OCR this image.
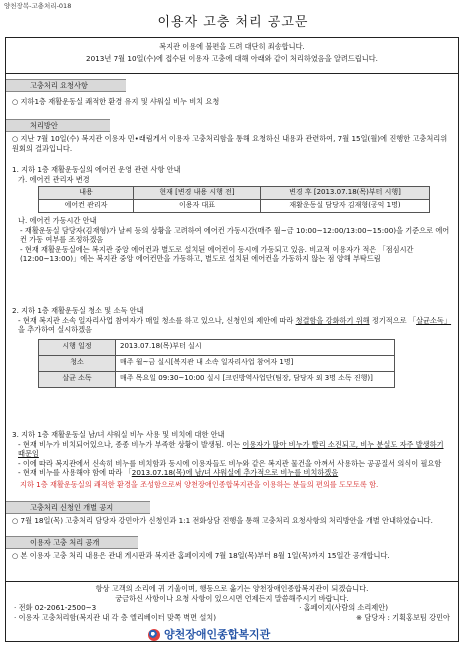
양천장복-고충처리-018
이용자 고충 처리 공고문
복지관 이용에 불편을 드려 대단히 죄송합니다.
2013년 7월 10일(수)에 접수된 이용자 고충에 대해 아래와 같이 처리하였음을 알려드립니다.
고충처리 요청사항
○ 지하1층 재활운동실 쾌적한 환경 유지 및 샤워실 비누 비치 요청
처리방안
○ 지난 7월 10일(수) 복지관 이용자 민•래림게서 이용자 고충처리함을 통해 요청하신 내용과 관련하여, 7월 15일(월)에 진행한 고충처리위원회의 결과입니다.

1. 지하 1층 재활운동실의 에어컨 운영 관련 사항 안내

가. 에어컨 관리자 변경

내용	현재 [변경 내용 시행 전]	변경 후 [2013.07.18(목)부터 시행]
에어컨 관리자	이용자 대표	재활운동실 담당자 김재형(공익 1명)

나. 에어컨 가동시간 안내

- 재활운동실 담당자(김재형)가 날씨 등의 상황을 고려하여 에어컨 가동시간(매주 월~금 10:00~12:00/13:00~15:00)을 기준으로 에어컨 가동 여부를 조정하겠음

- 현재 재활운동실에는 복지관 중앙 에어컨과 별도로 설치된 에어컨이 동시에 가동되고 있음. 비교적 이용자가 적은 「점심시간(12:00~13:00)」에는 복지관 중앙 에어컨만을 가동하고, 별도로 설치된 에어컨을 가동하지 않는 점 양해 부탁드림

2. 지하 1층 재활운동실 청소 및 소독 안내

- 현재 복지관 소속 일자리사업 참여자가 매일 청소를 하고 있으나, 신청인의 제안에 따라 청결함을 강화하기 위해 정기적으로 「살균소독」을 추가하여 실시하겠음

시행 일정	2013.07.18(목)부터 실시
청소	매주 월~금 실시[복지관 내 소속 일자리사업 참여자 1명]
살균 소독	매주 목요일 09:30~10:00 실시 [크린방역사업단(팀장, 담당자 외 3명 소독 진행)]

3. 지하 1층 재활운동실 남/녀 샤워실 비누 사용 및 비치에 대한 안내

- 현재 비누가 비치되어있으나, 종종 비누가 부족한 상황이 발생됨. 이는 이용자가 많아 비누가 빨리 소진되고, 비누 분실도 자주 발생하기 때문임

- 이에 따라 복지관에서 신속히 비누를 비치함과 동시에 이용자들도 비누와 같은 복지관 물건을 아껴서 사용하는 공공질서 의식이 필요함

- 현재 비누를 사용해야 함에 따라 「2013.07.18(목)에 남/녀 샤워실에 추가적으로 비누를 비치하겠음

지하 1층 재활운동실의 쾌적한 환경을 조성함으로써 양천장애인종합복지관을 이용하는 분들의 편의를 도모토록 함.
고충처리 신청인 개별 공지
○ 7월 18일(목) 고충처리 담당자 강민아가 신청인과 1:1 전화상담 진행을 통해 고충처리 요청사항의 처리방안을 개별 안내하였습니다.
이용자 고충 처리 공개
○ 본 이용자 고충 처리 내용은 관내 게시판과 복지관 홈페이지에 7월 18일(목)부터 8월 1일(목)까지 15일간 공개합니다.
항상 고객의 소리에 귀 기울이며, 행동으로 옮기는 양천장애인종합복지관이 되겠습니다.
궁금하신 사항이나 요청 사항이 있으시면 언제든지 말씀해주시기 바랍니다.
· 전화 02-2061-2500~3	· 홈페이지(사람의 소리제안)
· 이용자 고충처리함(복지관 내 각 층 엘리베이터 맞쪽 벽면 설치)	※ 담당자 : 기획홍보팀 강민아
양천장애인종합복지관
